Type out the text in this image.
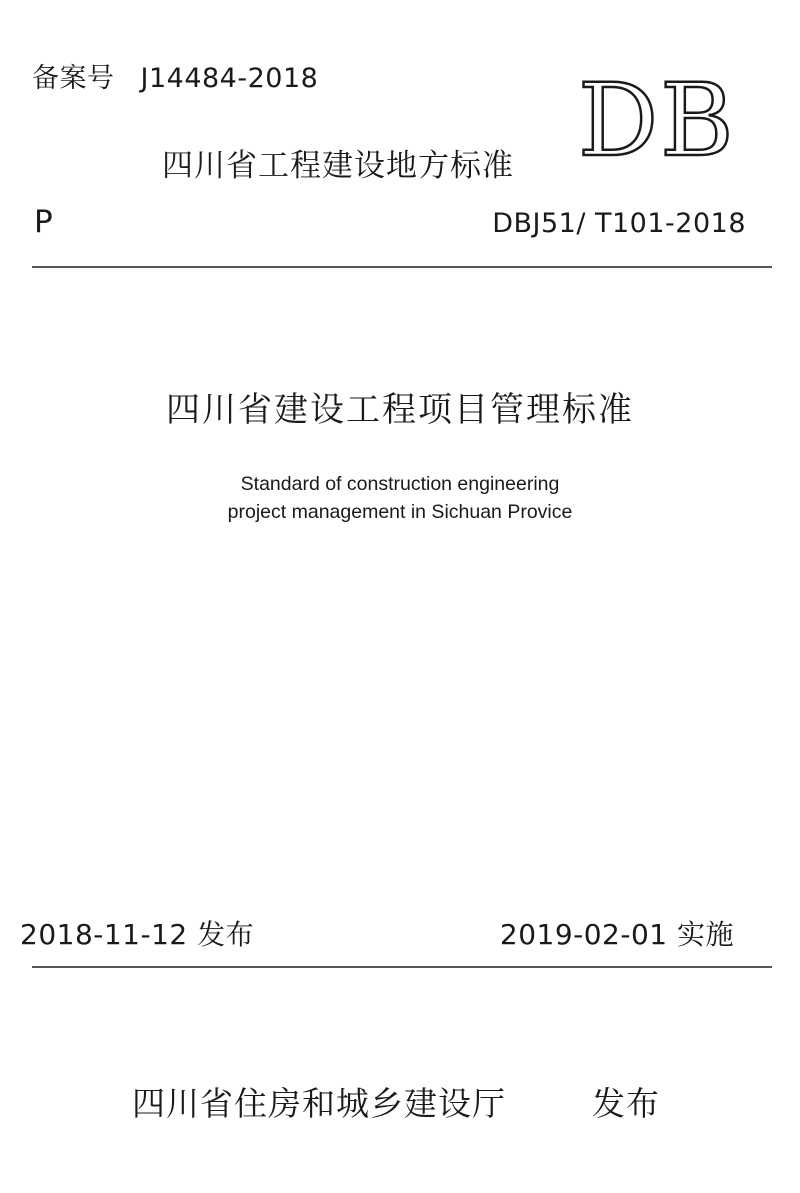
备案号 J14484-2018
四川省工程建设地方标准 DB
P	DBJ51/ T101-2018
四川省建设工程项目管理标准
Standard of construction engineering
project management in Sichuan Provice
2018-11-12 发布	2019-02-01 实施
四川省住房和城乡建设厅	发布
